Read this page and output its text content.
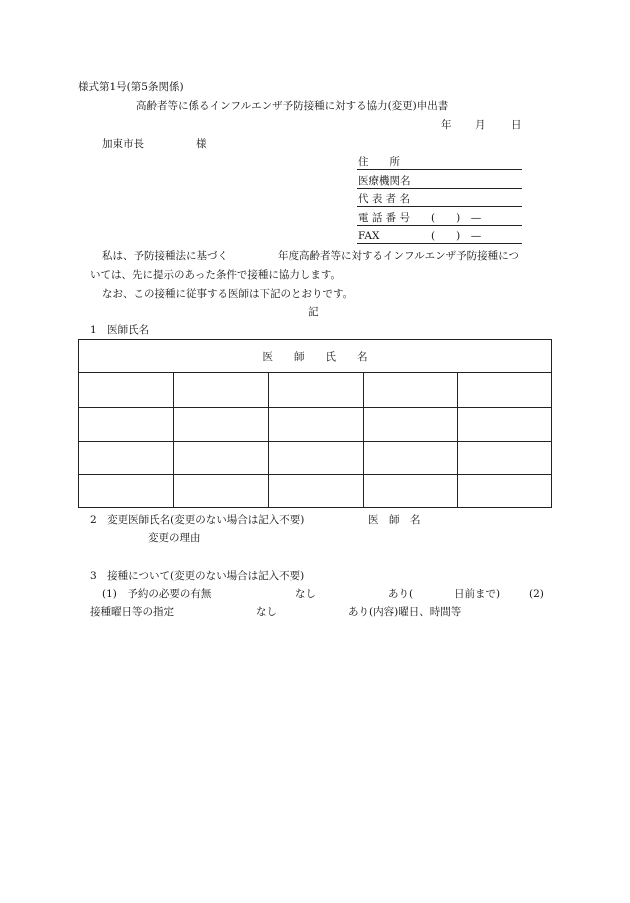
様式第1号(第5条関係)
高齢者等に係るインフルエンザ予防接種に対する協力(変更)申出書
年 月 日
加東市長	様
住　　所
医療機関名
代 表 者 名
電 話 番 号 (　　)　—
FAX	(　　)　—
私は、予防接種法に基づく	年度高齢者等に対するインフルエンザ予防接種につ
いては、先に提示のあった条件で接種に協力します。
なお、この接種に従事する医師は下記のとおりです。
記
1　医師氏名
医　　師　　氏　　名
2　変更医師氏名(変更のない場合は記入不要)	医　師　名
変更の理由
3　接種について(変更のない場合は記入不要)
(1)　予約の必要の有無	なし	あり(	日前まで)	(2)
接種曜日等の指定	なし	あり(内容)曜日、時間等
